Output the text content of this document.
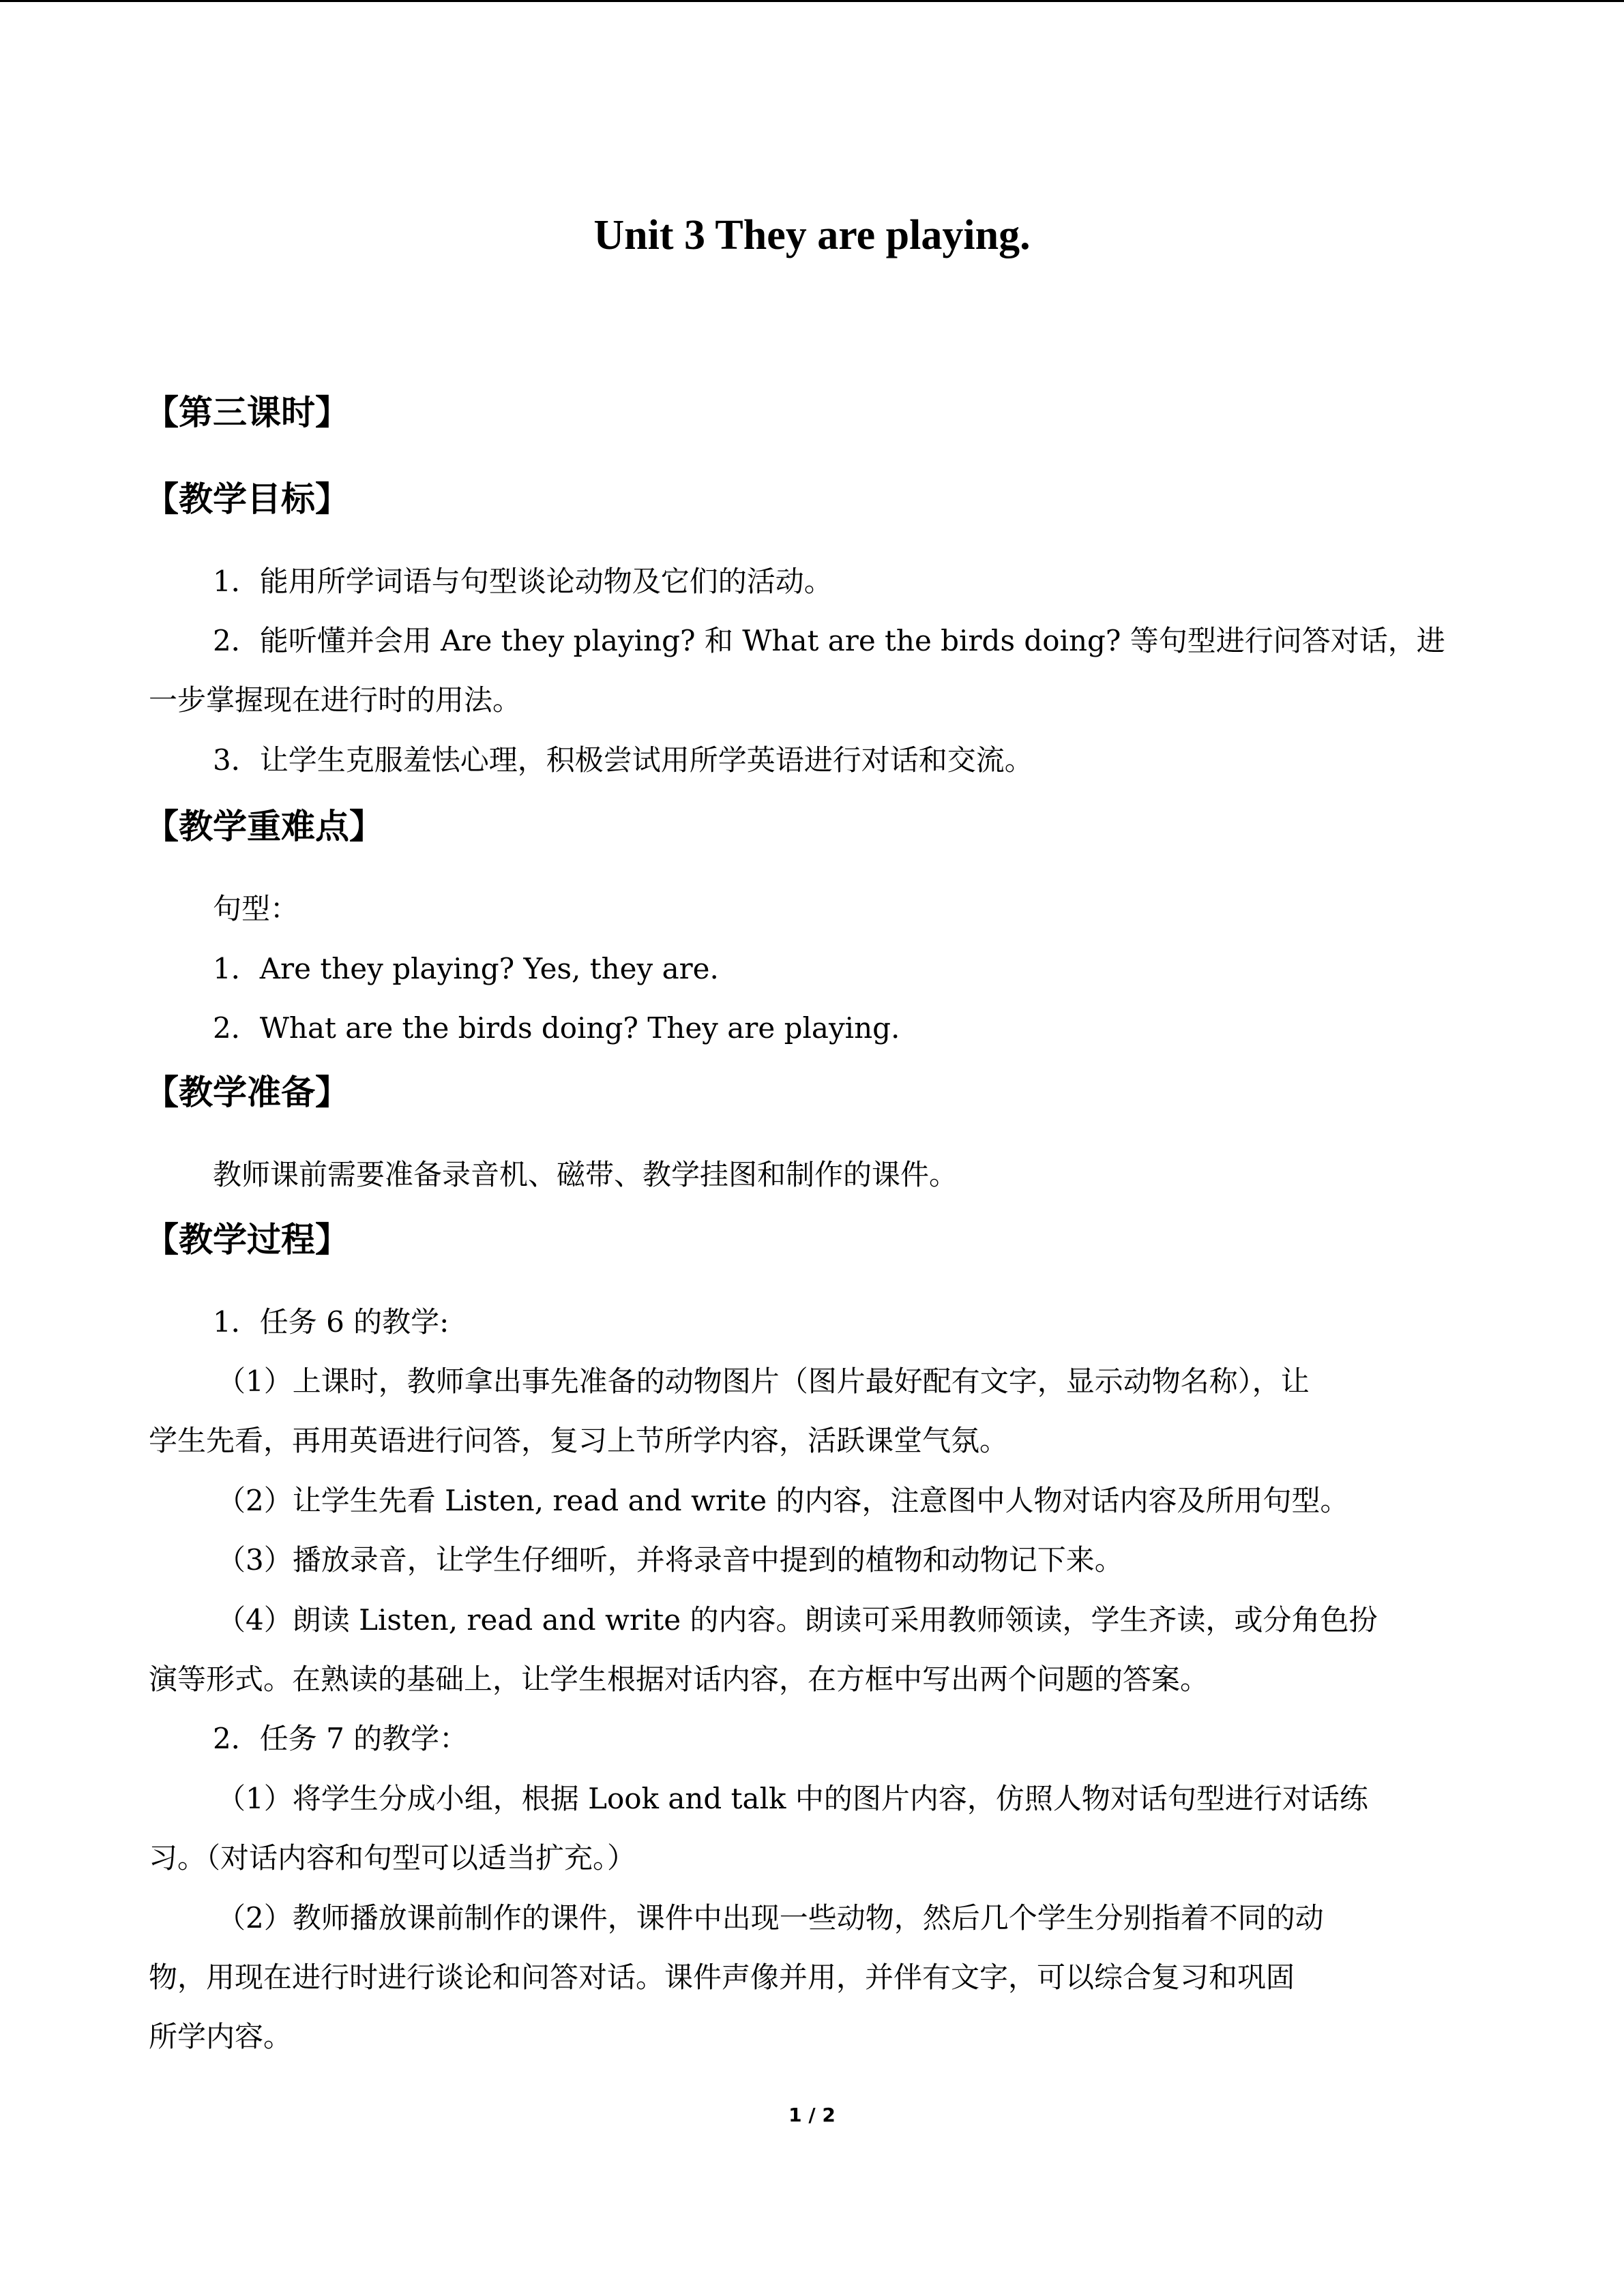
Unit 3 They are playing.
【第三课时】
【教学目标】
1．能用所学词语与句型谈论动物及它们的活动。
2．能听懂并会用 Are they playing? 和 What are the birds doing? 等句型进行问答对话，进
一步掌握现在进行时的用法。
3．让学生克服羞怯心理，积极尝试用所学英语进行对话和交流。
【教学重难点】
句型：
1．Are they playing? Yes, they are.
2．What are the birds doing? They are playing.
【教学准备】
教师课前需要准备录音机、磁带、教学挂图和制作的课件。
【教学过程】
1．任务 6 的教学:
（1）上课时，教师拿出事先准备的动物图片（图片最好配有文字，显示动物名称），让
学生先看，再用英语进行问答，复习上节所学内容，活跃课堂气氛。
（2）让学生先看 Listen, read and write 的内容，注意图中人物对话内容及所用句型。
（3）播放录音，让学生仔细听，并将录音中提到的植物和动物记下来。
（4）朗读 Listen, read and write 的内容。朗读可采用教师领读，学生齐读，或分角色扮
演等形式。在熟读的基础上，让学生根据对话内容，在方框中写出两个问题的答案。
2．任务 7 的教学：
（1）将学生分成小组，根据 Look and talk 中的图片内容，仿照人物对话句型进行对话练
习。（对话内容和句型可以适当扩充。）
（2）教师播放课前制作的课件，课件中出现一些动物，然后几个学生分别指着不同的动
物，用现在进行时进行谈论和问答对话。课件声像并用，并伴有文字，可以综合复习和巩固
所学内容。
1 / 2
